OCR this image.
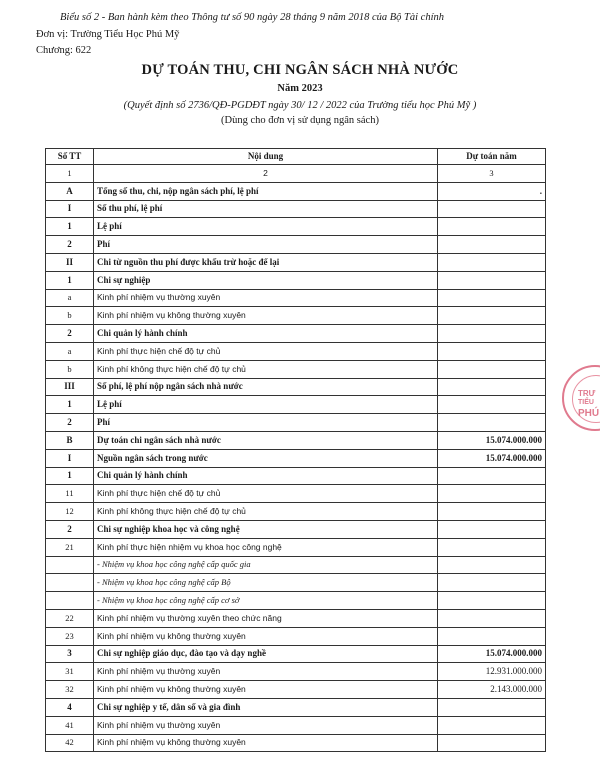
Biểu số 2 - Ban hành kèm theo Thông tư số 90 ngày 28 tháng 9 năm 2018 của Bộ Tài chính
Đơn vị: Trường Tiểu Học Phú Mỹ
Chương: 622
DỰ TOÁN THU, CHI NGÂN SÁCH NHÀ NƯỚC
Năm 2023
(Quyết định số 2736/QĐ-PGDĐT ngày 30/ 12 / 2022 của Trường tiểu học Phú Mỹ )
(Dùng cho đơn vị sử dụng ngân sách)
Số TT	Nội dung	Dự toán năm
1	2	3
A	Tổng số thu, chi, nộp ngân sách phí, lệ phí	.
I	Số thu phí, lệ phí	
1	Lệ phí	
2	Phí	
II	Chi từ nguồn thu phí được khấu trừ hoặc để lại	
1	Chi sự nghiệp	
a	Kinh phí nhiệm vụ thường xuyên	
b	Kinh phí nhiệm vụ không thường xuyên	
2	Chi quản lý hành chính	
a	Kinh phí thực hiện chế độ tự chủ	
b	Kinh phí không thực hiện chế độ tự chủ	
III	Số phí, lệ phí nộp ngân sách nhà nước	
1	Lệ phí	
2	Phí	
B	Dự toán chi ngân sách nhà nước	15.074.000.000
I	Nguồn ngân sách trong nước	15.074.000.000
1	Chi quản lý hành chính	
11	Kinh phí thực hiện chế độ tự chủ	
12	Kinh phí không thực hiện chế độ tự chủ	
2	Chi sự nghiệp khoa học và công nghệ	
21	Kinh phí thực hiện nhiệm vụ khoa học công nghệ	
	- Nhiệm vụ khoa học công nghệ cấp quốc gia	
	- Nhiệm vụ khoa học công nghệ cấp Bộ	
	- Nhiệm vụ khoa học công nghệ cấp cơ sở	
22	Kinh phí nhiệm vụ thường xuyên theo chức năng	
23	Kinh phí nhiệm vụ không thường xuyên	
3	Chi sự nghiệp giáo dục, đào tạo và dạy nghề	15.074.000.000
31	Kinh phí nhiệm vụ thường xuyên	12.931.000.000
32	Kinh phí nhiệm vụ không thường xuyên	2.143.000.000
4	Chi sự nghiệp y tế, dân số và gia đình	
41	Kinh phí nhiệm vụ thường xuyên	
42	Kinh phí nhiệm vụ không thường xuyên	
TRƯ
TIỂU
PHÚ
